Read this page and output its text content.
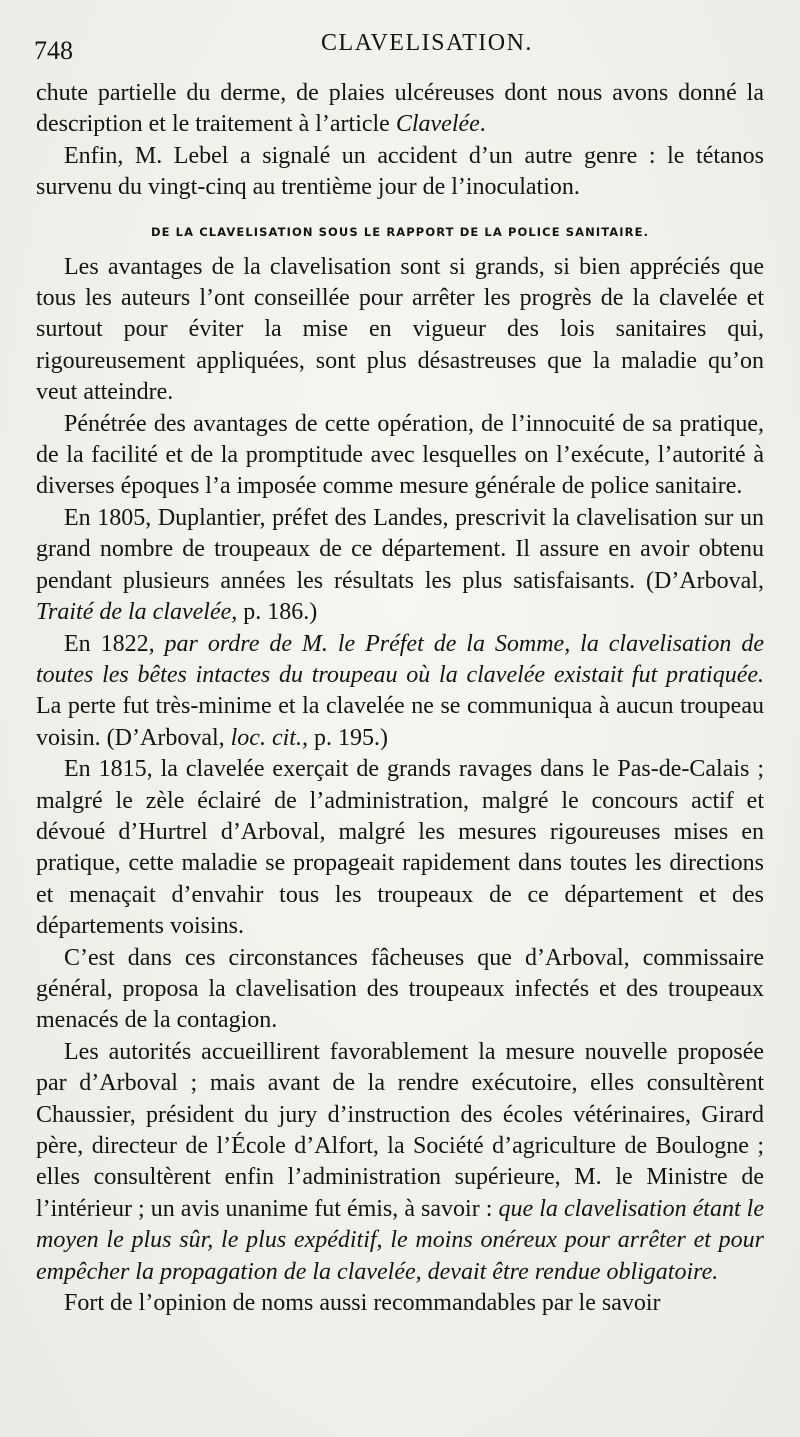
748	CLAVELISATION.

chute partielle du derme, de plaies ulcéreuses dont nous avons donné la description et le traitement à l’article Clavelée.

Enfin, M. Lebel a signalé un accident d’un autre genre : le tétanos survenu du vingt-cinq au trentième jour de l’inoculation.

DE LA CLAVELISATION SOUS LE RAPPORT DE LA POLICE SANITAIRE.

Les avantages de la clavelisation sont si grands, si bien appréciés que tous les auteurs l’ont conseillée pour arrêter les progrès de la clavelée et surtout pour éviter la mise en vigueur des lois sanitaires qui, rigoureusement appliquées, sont plus désastreuses que la maladie qu’on veut atteindre.

Pénétrée des avantages de cette opération, de l’innocuité de sa pratique, de la facilité et de la promptitude avec lesquelles on l’exécute, l’autorité à diverses époques l’a imposée comme mesure générale de police sanitaire.

En 1805, Duplantier, préfet des Landes, prescrivit la clavelisation sur un grand nombre de troupeaux de ce département. Il assure en avoir obtenu pendant plusieurs années les résultats les plus satisfaisants. (D’Arboval, Traité de la clavelée, p. 186.)

En 1822, par ordre de M. le Préfet de la Somme, la clavelisation de toutes les bêtes intactes du troupeau où la clavelée existait fut pratiquée. La perte fut très-minime et la clavelée ne se communiqua à aucun troupeau voisin. (D’Arboval, loc. cit., p. 195.)

En 1815, la clavelée exerçait de grands ravages dans le Pas-de-Calais ; malgré le zèle éclairé de l’administration, malgré le concours actif et dévoué d’Hurtrel d’Arboval, malgré les mesures rigoureuses mises en pratique, cette maladie se propageait rapidement dans toutes les directions et menaçait d’envahir tous les troupeaux de ce département et des départements voisins.

C’est dans ces circonstances fâcheuses que d’Arboval, commissaire général, proposa la clavelisation des troupeaux infectés et des troupeaux menacés de la contagion.

Les autorités accueillirent favorablement la mesure nouvelle proposée par d’Arboval ; mais avant de la rendre exécutoire, elles consultèrent Chaussier, président du jury d’instruction des écoles vétérinaires, Girard père, directeur de l’École d’Alfort, la Société d’agriculture de Boulogne ; elles consultèrent enfin l’administration supérieure, M. le Ministre de l’intérieur ; un avis unanime fut émis, à savoir : que la clavelisation étant le moyen le plus sûr, le plus expéditif, le moins onéreux pour arrêter et pour empêcher la propagation de la clavelée, devait être rendue obligatoire.

Fort de l’opinion de noms aussi recommandables par le savoir
